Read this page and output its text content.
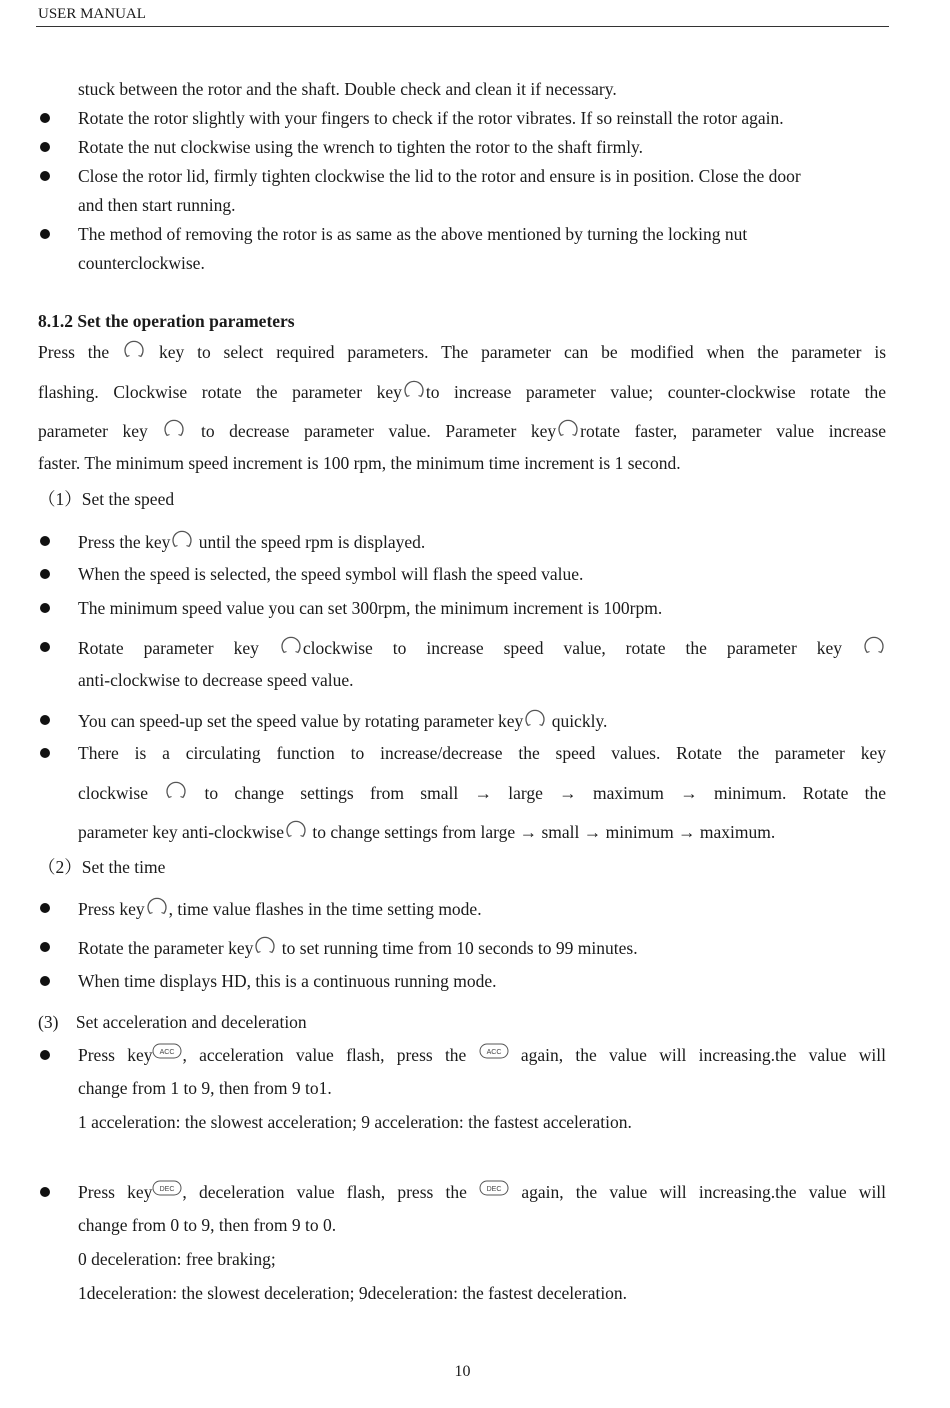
USER MANUAL
stuck between the rotor and the shaft. Double check and clean it if necessary.
Rotate the rotor slightly with your fingers to check if the rotor vibrates. If so reinstall the rotor again.
Rotate the nut clockwise using the wrench to tighten the rotor to the shaft firmly.
Close the rotor lid, firmly tighten clockwise the lid to the rotor and ensure is in position. Close the door
and then start running.
The method of removing the rotor is as same as the above mentioned by turning the locking nut
counterclockwise.
8.1.2 Set the operation parameters
Press the	key to select required parameters. The parameter can be modified when the parameter is
flashing. Clockwise rotate the parameter key to increase parameter value; counter-clockwise rotate the
parameter key	to decrease parameter value. Parameter key rotate faster, parameter value increase
faster. The minimum speed increment is 100 rpm, the minimum time increment is 1 second.
（1）Set the speed
Press the key until the speed rpm is displayed.
When the speed is selected, the speed symbol will flash the speed value.
The minimum speed value you can set 300rpm, the minimum increment is 100rpm.
Rotate parameter key	clockwise to increase speed value, rotate the parameter key
anti-clockwise to decrease speed value.
You can speed-up set the speed value by rotating parameter key quickly.
There is a circulating function to increase/decrease the speed values. Rotate the parameter key
clockwise	to change settings from small → large → maximum → minimum. Rotate the
parameter key anti-clockwise to change settings from large → small → minimum → maximum.
（2）Set the time
Press key , time value flashes in the time setting mode.
Rotate the parameter key to set running time from 10 seconds to 99 minutes.
When time displays HD, this is a continuous running mode.
(3)    Set acceleration and deceleration
Press key ACC , acceleration value flash, press the	ACC again, the value will increasing.the value will
change from 1 to 9, then from 9 to1.
1 acceleration: the slowest acceleration; 9 acceleration: the fastest acceleration.
Press key DEC , deceleration value flash, press the	DEC again, the value will increasing.the value will
change from 0 to 9, then from 9 to 0.
0 deceleration: free braking;
1deceleration: the slowest deceleration; 9deceleration: the fastest deceleration.
10
